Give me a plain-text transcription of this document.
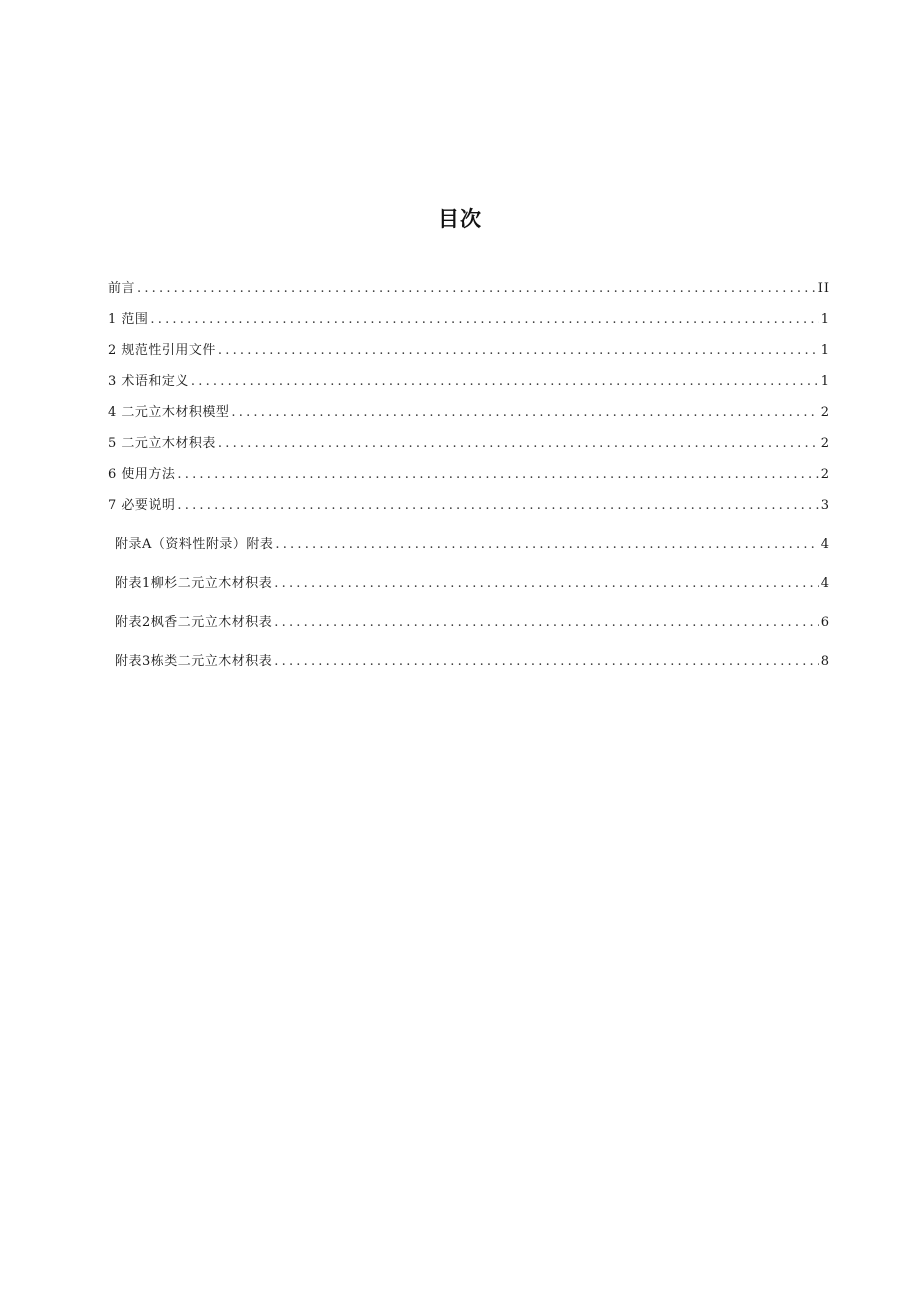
目次
前言 .....	II
1 范围 .....	1
2 规范性引用文件 .....	1
3 术语和定义 .....	1
4 二元立木材积模型 .....	2
5 二元立木材积表 .....	2
6 使用方法 .....	2
7 必要说明 .....	3
附录A（资料性附录）附表 .....	4
附表1柳杉二元立木材积表 .....	4
附表2枫香二元立木材积表 .....	6
附表3栋类二元立木材积表 .....	8
